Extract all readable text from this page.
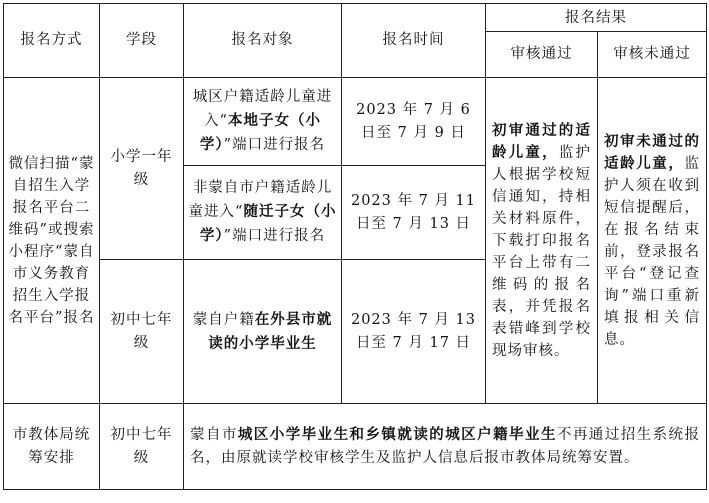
报名方式	学段	报名对象	报名时间	报名结果	
				审核通过	审核未通过
微信扫描“蒙自招生入学报名平台二维码”或搜索小程序“蒙自市义务教育招生入学报名平台”报名	小学一年级	城区户籍适龄儿童进入“本地子女（小学）”端口进行报名	2023 年 7 月 6 日至 7 月 9 日	初审通过的适龄儿童，监护人根据学校短信通知，持相关材料原件，下载打印报名平台上带有二维码的报名表，并凭报名表错峰到学校现场审核。	初审未通过的适龄儿童，监护人须在收到短信提醒后，在报名结束前，登录报名平台“登记查询”端口重新填报相关信息。
		非蒙自市户籍适龄儿童进入“随迁子女（小学）”端口进行报名	2023 年 7 月 11 日至 7 月 13 日		
	初中七年级	蒙自户籍在外县市就读的小学毕业生	2023 年 7 月 13 日至 7 月 17 日		
市教体局统筹安排	初中七年级	蒙自市城区小学毕业生和乡镇就读的城区户籍毕业生不再通过招生系统报名，由原就读学校审核学生及监护人信息后报市教体局统筹安置。			
